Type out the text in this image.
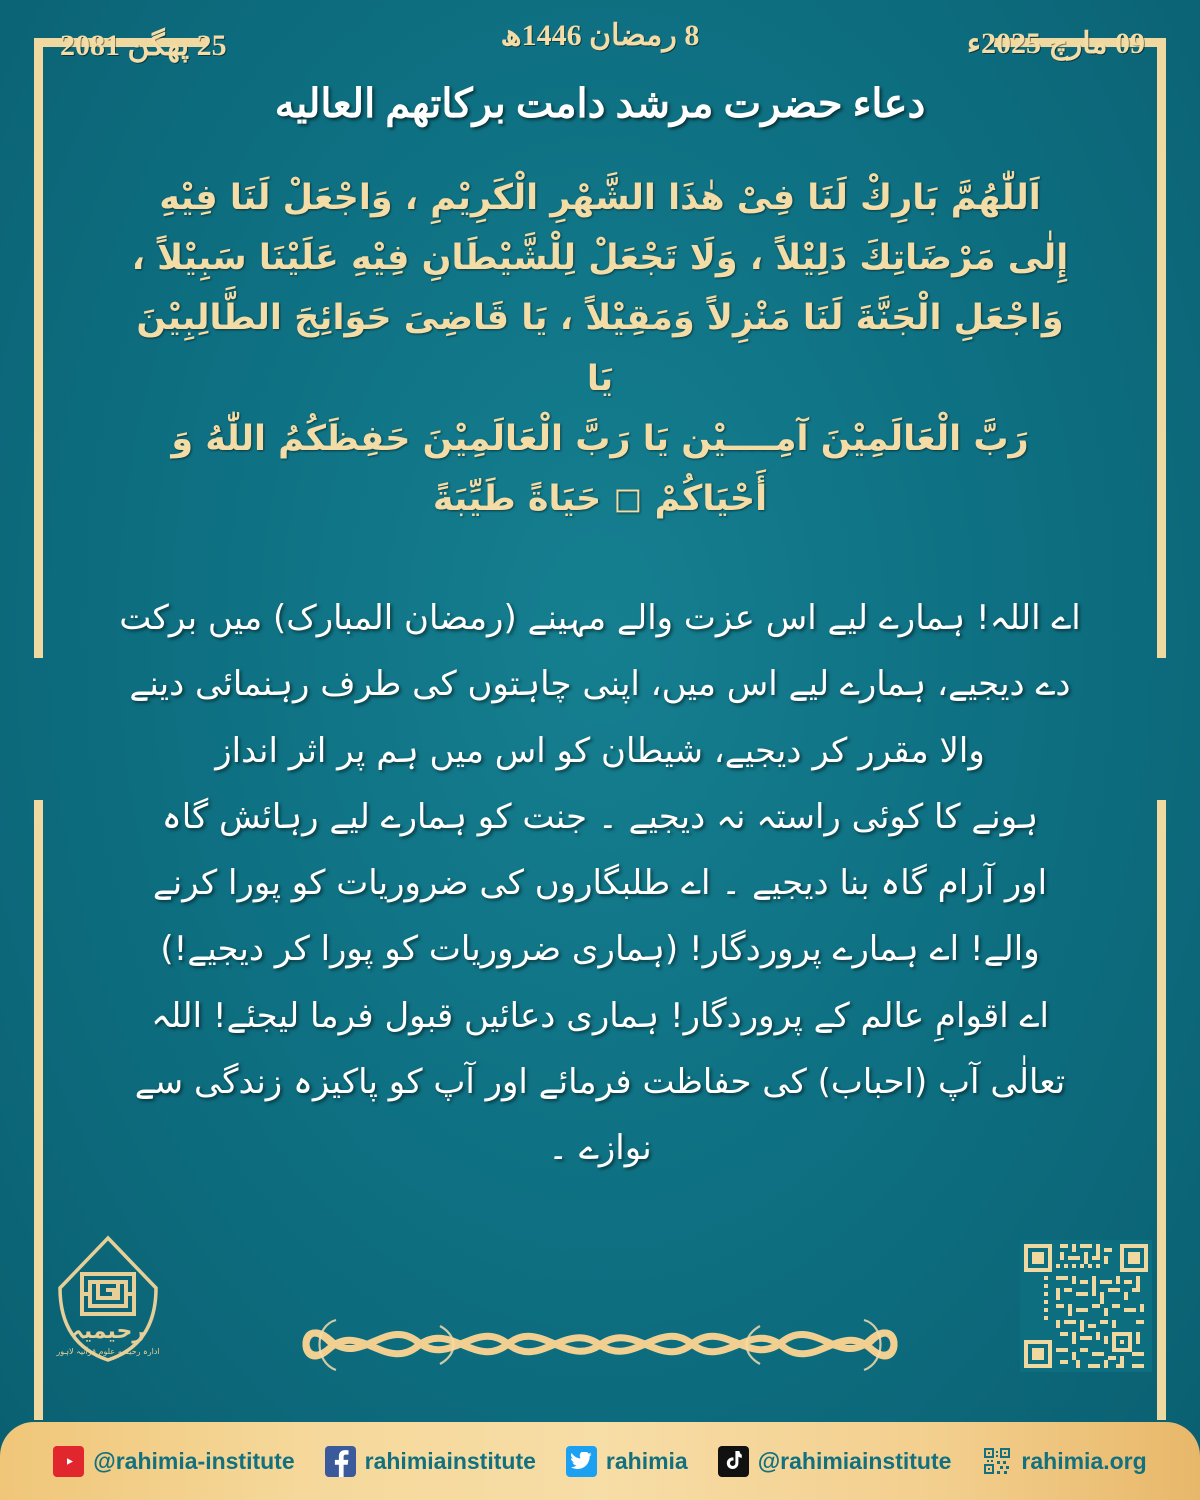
25 پھگن 2081	8 رمضان 1446ھ	09 مارچ 2025ء
دعاء حضرت مرشد دامت برکاتهم العالیه
اَللّٰهُمَّ بَارِكْ لَنَا فِىْ هٰذَا الشَّهْرِ الْكَرِيْمِ ، وَاجْعَلْ لَنَا فِيْهِ
إِلٰى مَرْضَاتِكَ دَلِيْلاً ، وَلَا تَجْعَلْ لِلْشَّيْطَانِ فِيْهِ عَلَيْنَا سَبِيْلاً ،
وَاجْعَلِ الْجَنَّةَ لَنَا مَنْزِلاً وَمَقِيْلاً ، يَا قَاضِىَ حَوَائِجَ الطَّالِبِيْنَ يَا
رَبَّ الْعَالَمِيْنَ آمِــــيْن يَا رَبَّ الْعَالَمِيْنَ حَفِظَكُمُ اللّٰهُ وَ
أَحْيَاكُمْ ◻ حَيَاةً طَيِّبَةً
اے اللہ! ہمارے لیے اس عزت والے مہینے (رمضان المبارک) میں برکت
دے دیجیے، ہمارے لیے اس میں، اپنی چاہتوں کی طرف رہنمائی دینے
والا مقرر کر دیجیے، شیطان کو اس میں ہم پر اثر انداز
ہونے کا کوئی راستہ نہ دیجیے ۔ جنت کو ہمارے لیے رہائش گاہ
اور آرام گاہ بنا دیجیے ۔ اے طلبگاروں کی ضروریات کو پورا کرنے
والے! اے ہمارے پروردگار! (ہماری ضروریات کو پورا کر دیجیے!)
اے اقوامِ عالم کے پروردگار! ہماری دعائیں قبول فرما لیجئے! اللہ
تعالٰی آپ (احباب) کی حفاظت فرمائے اور آپ کو پاکیزہ زندگی سے
نوازے ۔
رحیمیہ
ادارہ رحیمیہ علومِ قرآنیہ لاہور
@rahimia-institute	rahimiainstitute	rahimia	@rahimiainstitute	rahimia.org
